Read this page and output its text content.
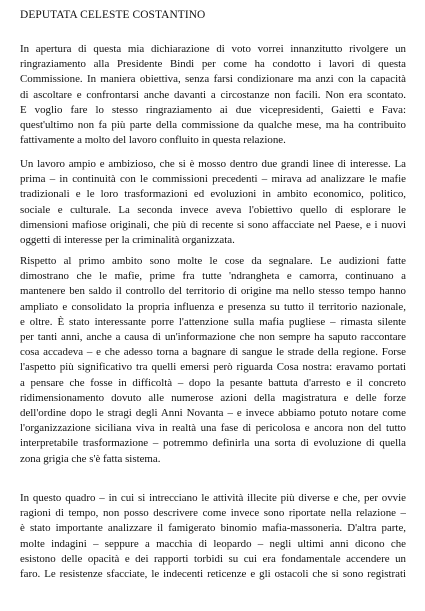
DEPUTATA CELESTE COSTANTINO
In apertura di questa mia dichiarazione di voto vorrei innanzitutto rivolgere un
ringraziamento alla Presidente Bindi per come ha condotto i lavori di questa
Commissione. In maniera obiettiva, senza farsi condizionare ma anzi con la capacità
di ascoltare e confrontarsi anche davanti a circostanze non facili. Non era scontato.
E voglio fare lo stesso ringraziamento ai due vicepresidenti, Gaietti e Fava:
quest'ultimo non fa più parte della commissione da qualche mese, ma ha contribuito
fattivamente a molto del lavoro confluito in questa relazione.
Un lavoro ampio e ambizioso, che si è mosso dentro due grandi linee di interesse. La
prima – in continuità con le commissioni precedenti – mirava ad analizzare le mafie
tradizionali e le loro trasformazioni ed evoluzioni in ambito economico, politico,
sociale e culturale. La seconda invece aveva l'obiettivo quello di esplorare le
dimensioni mafiose originali, che più di recente si sono affacciate nel Paese, e i nuovi
oggetti di interesse per la criminalità organizzata.
Rispetto al primo ambito sono molte le cose da segnalare. Le audizioni fatte
dimostrano che le mafie, prime fra tutte 'ndrangheta e camorra, continuano a
mantenere ben saldo il controllo del territorio di origine ma nello stesso tempo hanno
ampliato e consolidato la propria influenza e presenza su tutto il territorio nazionale,
e oltre. È stato interessante porre l'attenzione sulla mafia pugliese – rimasta silente
per tanti anni, anche a causa di un'informazione che non sempre ha saputo raccontare
cosa accadeva – e che adesso torna a bagnare di sangue le strade della regione. Forse
l'aspetto più significativo tra quelli emersi però riguarda Cosa nostra: eravamo portati
a pensare che fosse in difficoltà – dopo la pesante battuta d'arresto e il concreto
ridimensionamento dovuto alle numerose azioni della magistratura e delle forze
dell'ordine dopo le stragi degli Anni Novanta – e invece abbiamo potuto notare come
l'organizzazione siciliana viva in realtà una fase di pericolosa e ancora non del tutto
interpretabile trasformazione – potremmo definirla una sorta di evoluzione di quella
zona grigia che s'è fatta sistema.
In questo quadro – in cui si intrecciano le attività illecite più diverse e che, per ovvie
ragioni di tempo, non posso descrivere come invece sono riportate nella relazione –
è stato importante analizzare il famigerato binomio mafia-massoneria. D'altra parte,
molte indagini – seppure a macchia di leopardo – negli ultimi anni dicono che
esistono delle opacità e dei rapporti torbidi su cui era fondamentale accendere un
faro. Le resistenze sfacciate, le indecenti reticenze e gli ostacoli che si sono registrati
